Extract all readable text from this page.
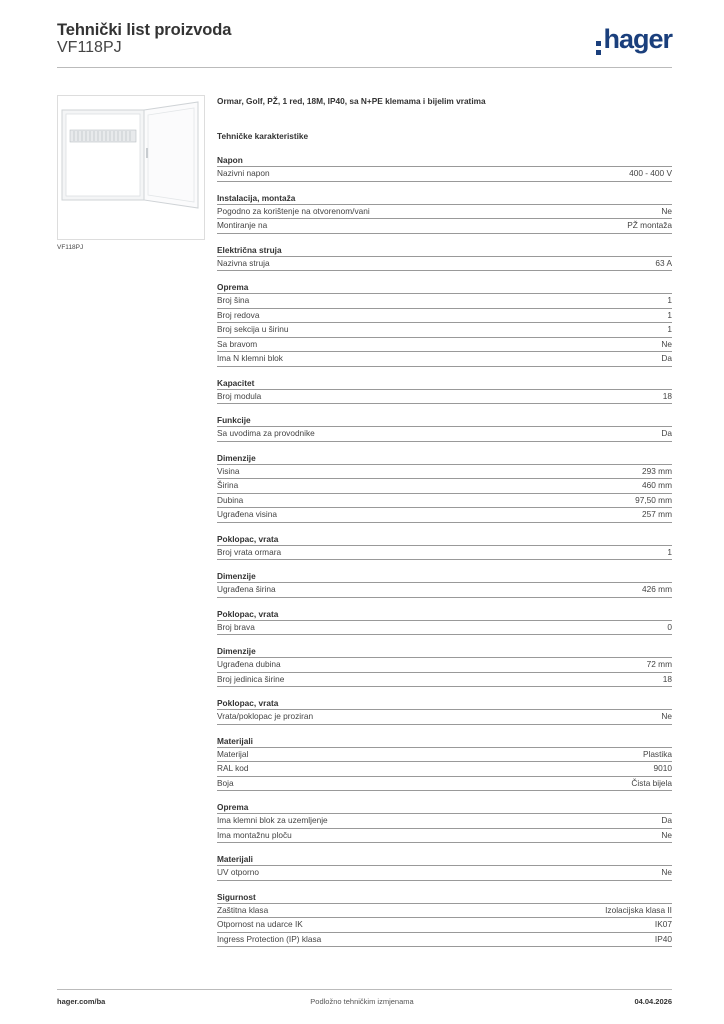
Tehnički list proizvoda
VF118PJ	hager
VF118PJ

Ormar, Golf, PŽ, 1 red, 18M, IP40, sa N+PE klemama i bijelim vratima

Tehničke karakteristike
Napon
Nazivni napon	400 - 400 V
Instalacija, montaža
Pogodno za korištenje na otvorenom/vani	Ne
Montiranje na	PŽ montaža
Električna struja
Nazivna struja	63 A
Oprema
Broj šina	1
Broj redova	1
Broj sekcija u širinu	1
Sa bravom	Ne
Ima N klemni blok	Da
Kapacitet
Broj modula	18
Funkcije
Sa uvodima za provodnike	Da
Dimenzije
Visina	293 mm
Širina	460 mm
Dubina	97,50 mm
Ugrađena visina	257 mm
Poklopac, vrata
Broj vrata ormara	1
Dimenzije
Ugrađena širina	426 mm
Poklopac, vrata
Broj brava	0
Dimenzije
Ugrađena dubina	72 mm
Broj jedinica širine	18
Poklopac, vrata
Vrata/poklopac je proziran	Ne
Materijali
Materijal	Plastika
RAL kod	9010
Boja	Čista bijela
Oprema
Ima klemni blok za uzemljenje	Da
Ima montažnu ploču	Ne
Materijali
UV otporno	Ne
Sigurnost
Zaštitna klasa	Izolacijska klasa II
Otpornost na udarce IK	IK07
Ingress Protection (IP) klasa	IP40
hager.com/ba	Podložno tehničkim izmjenama	04.04.2026
